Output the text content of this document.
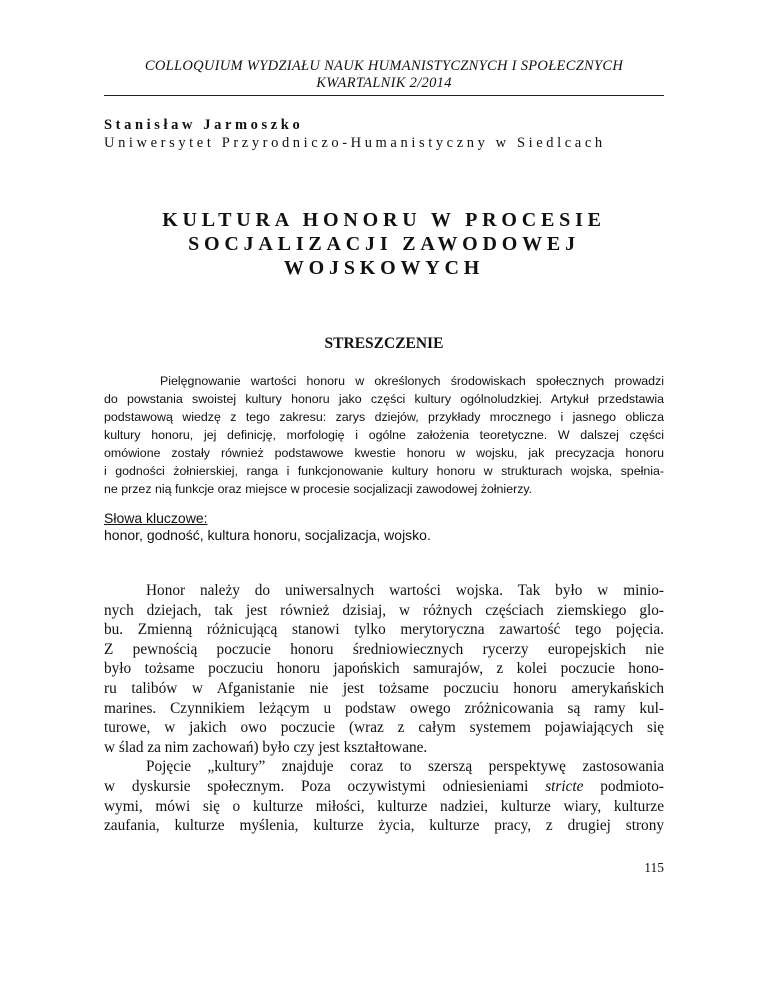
COLLOQUIUM WYDZIAŁU NAUK HUMANISTYCZNYCH I SPOŁECZNYCH
KWARTALNIK 2/2014
Stanisław Jarmoszko
Uniwersytet Przyrodniczo-Humanistyczny w Siedlcach
KULTURA HONORU W PROCESIE
SOCJALIZACJI ZAWODOWEJ
WOJSKOWYCH
STRESZCZENIE
Pielęgnowanie wartości honoru w określonych środowiskach społecznych prowadzi
do powstania swoistej kultury honoru jako części kultury ogólnoludzkiej. Artykuł przedstawia
podstawową wiedzę z tego zakresu: zarys dziejów, przykłady mrocznego i jasnego oblicza
kultury honoru, jej definicję, morfologię i ogólne założenia teoretyczne. W dalszej części
omówione zostały również podstawowe kwestie honoru w wojsku, jak precyzacja honoru
i godności żołnierskiej, ranga i funkcjonowanie kultury honoru w strukturach wojska, spełnia-
ne przez nią funkcje oraz miejsce w procesie socjalizacji zawodowej żołnierzy.
Słowa kluczowe:
honor, godność, kultura honoru, socjalizacja, wojsko.
Honor należy do uniwersalnych wartości wojska. Tak było w minio-
nych dziejach, tak jest również dzisiaj, w różnych częściach ziemskiego glo-
bu. Zmienną różnicującą stanowi tylko merytoryczna zawartość tego pojęcia.
Z pewnością poczucie honoru średniowiecznych rycerzy europejskich nie
było tożsame poczuciu honoru japońskich samurajów, z kolei poczucie hono-
ru talibów w Afganistanie nie jest tożsame poczuciu honoru amerykańskich
marines. Czynnikiem leżącym u podstaw owego zróżnicowania są ramy kul-
turowe, w jakich owo poczucie (wraz z całym systemem pojawiających się
w ślad za nim zachowań) było czy jest kształtowane.
Pojęcie „kultury” znajduje coraz to szerszą perspektywę zastosowania
w dyskursie społecznym. Poza oczywistymi odniesieniami stricte podmioto-
wymi, mówi się o kulturze miłości, kulturze nadziei, kulturze wiary, kulturze
zaufania, kulturze myślenia, kulturze życia, kulturze pracy, z drugiej strony
115
